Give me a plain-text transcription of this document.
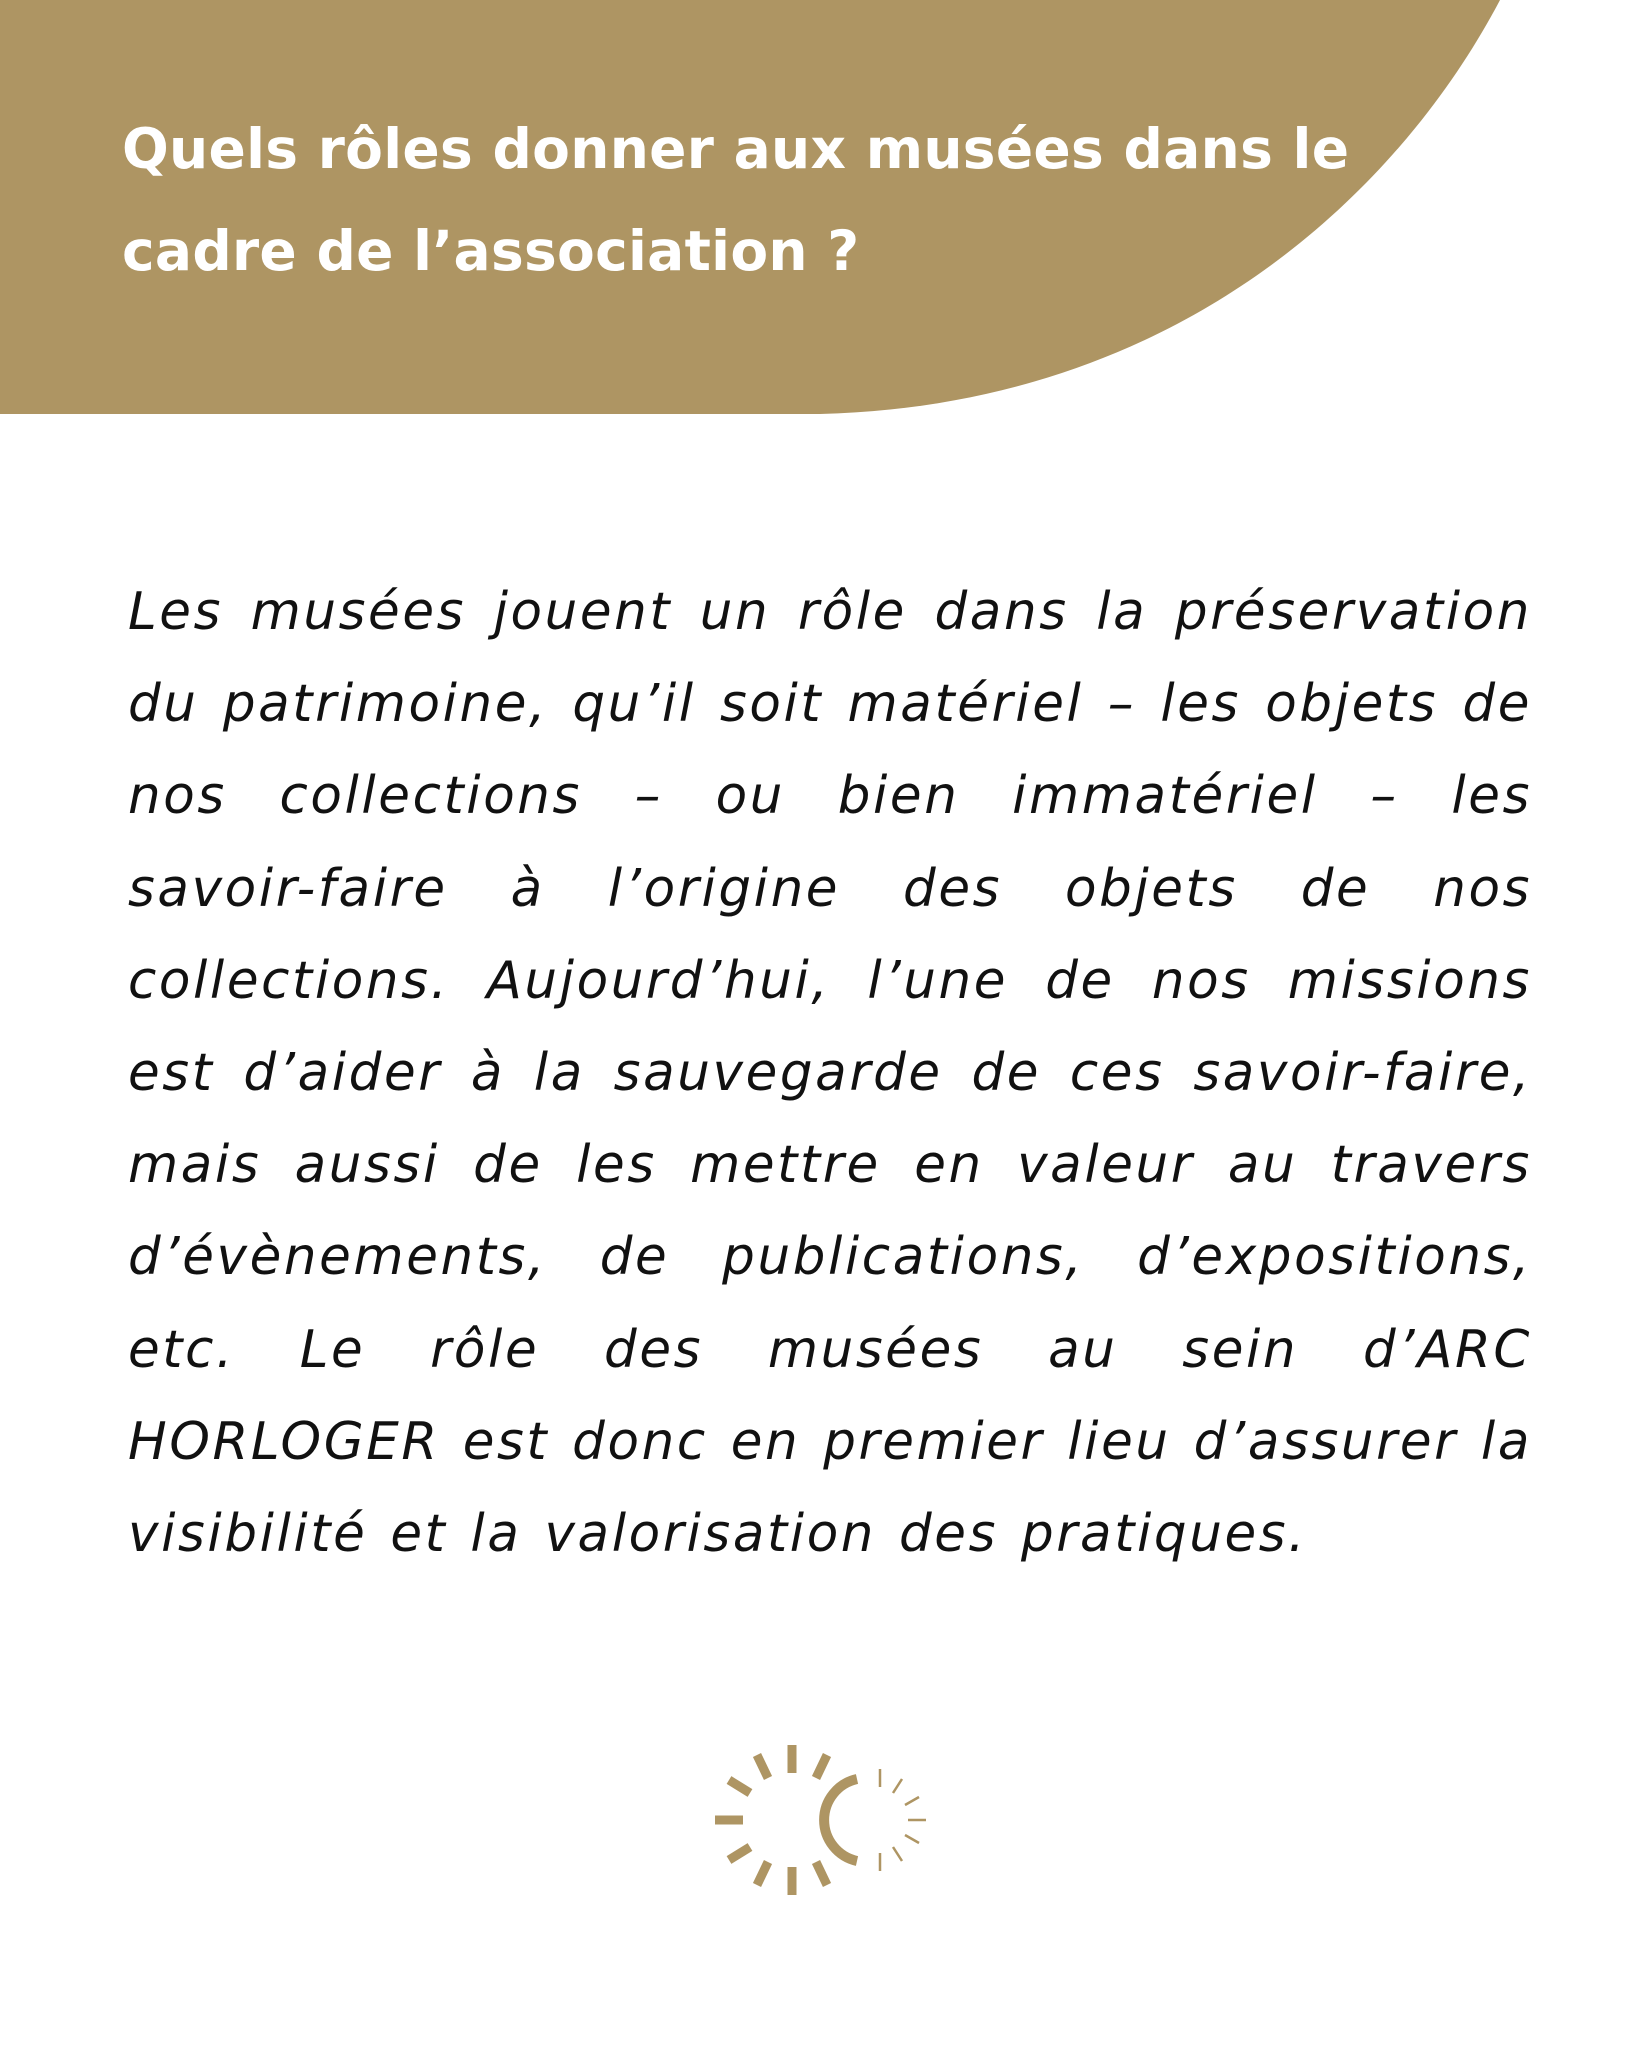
Quels rôles donner aux musées dans le cadre de l’association ?

Les musées jouent un rôle dans la préservation du patrimoine, qu’il soit matériel – les objets de nos collections – ou bien immatériel – les savoir-faire à l’origine des objets de nos collections. Aujourd’hui, l’une de nos missions est d’aider à la sauvegarde de ces savoir-faire, mais aussi de les mettre en valeur au travers d’évènements, de publications, d’expositions, etc. Le rôle des musées au sein d’ARC HORLOGER est donc en premier lieu d’assurer la visibilité et la valorisation des pratiques.
